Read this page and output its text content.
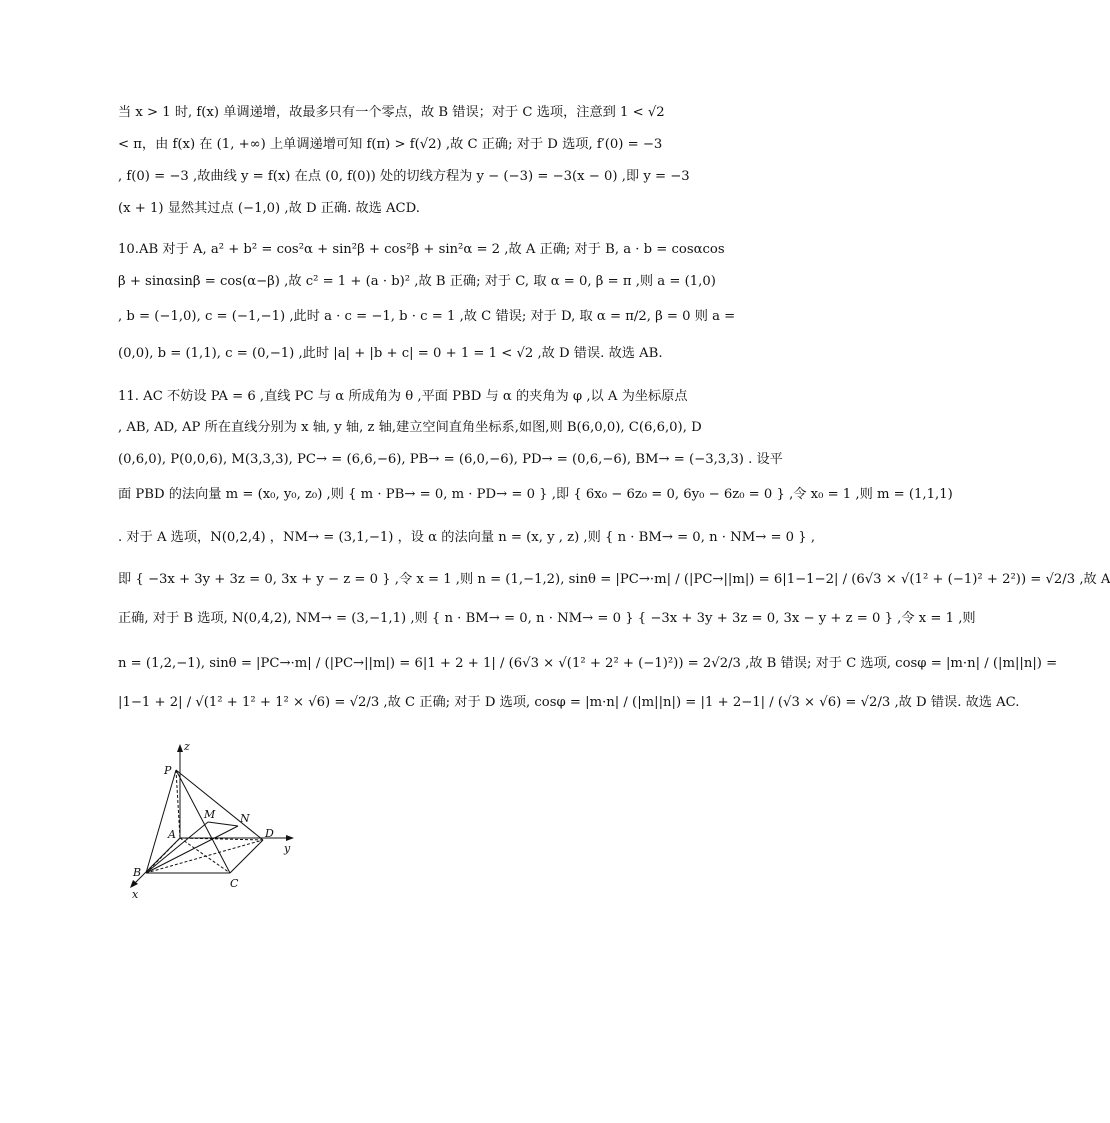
当 x > 1 时, f(x) 单调递增，故最多只有一个零点，故 B 错误；对于 C 选项，注意到 1 < √2
< π，由 f(x) 在 (1, +∞) 上单调递增可知 f(π) > f(√2) ,故 C 正确; 对于 D 选项, f′(0) = −3
, f(0) = −3 ,故曲线 y = f(x) 在点 (0, f(0)) 处的切线方程为 y − (−3) = −3(x − 0) ,即 y = −3
(x + 1) 显然其过点 (−1,0) ,故 D 正确. 故选 ACD.
10.AB 对于 A, a² + b² = cos²α + sin²β + cos²β + sin²α = 2 ,故 A 正确; 对于 B, a · b = cosαcos
β + sinαsinβ = cos(α−β) ,故 c² = 1 + (a · b)² ,故 B 正确; 对于 C, 取 α = 0, β = π ,则 a = (1,0)
, b = (−1,0), c = (−1,−1) ,此时 a · c = −1, b · c = 1 ,故 C 错误; 对于 D, 取 α = π/2, β = 0 则 a =
(0,0), b = (1,1), c = (0,−1) ,此时 |a| + |b + c| = 0 + 1 = 1 < √2 ,故 D 错误. 故选 AB.
11. AC 不妨设 PA = 6 ,直线 PC 与 α 所成角为 θ ,平面 PBD 与 α 的夹角为 φ ,以 A 为坐标原点
, AB, AD, AP 所在直线分别为 x 轴, y 轴, z 轴,建立空间直角坐标系,如图,则 B(6,0,0), C(6,6,0), D
(0,6,0), P(0,0,6), M(3,3,3), PC→ = (6,6,−6), PB→ = (6,0,−6), PD→ = (0,6,−6), BM→ = (−3,3,3) . 设平
面 PBD 的法向量 m = (x₀, y₀, z₀) ,则 { m · PB→ = 0, m · PD→ = 0 } ,即 { 6x₀ − 6z₀ = 0, 6y₀ − 6z₀ = 0 } ,令 x₀ = 1 ,则 m = (1,1,1)
. 对于 A 选项，N(0,2,4) ，NM→ = (3,1,−1) ，设 α 的法向量 n = (x, y , z) ,则 { n · BM→ = 0, n · NM→ = 0 } ,
即 { −3x + 3y + 3z = 0, 3x + y − z = 0 } ,令 x = 1 ,则 n = (1,−1,2), sinθ = |PC→·m| / (|PC→||m|) = 6|1−1−2| / (6√3 × √(1² + (−1)² + 2²)) = √2/3 ,故 A
正确, 对于 B 选项, N(0,4,2), NM→ = (3,−1,1) ,则 { n · BM→ = 0, n · NM→ = 0 } { −3x + 3y + 3z = 0, 3x − y + z = 0 } ,令 x = 1 ,则
n = (1,2,−1), sinθ = |PC→·m| / (|PC→||m|) = 6|1 + 2 + 1| / (6√3 × √(1² + 2² + (−1)²)) = 2√2/3 ,故 B 错误; 对于 C 选项, cosφ = |m·n| / (|m||n|) =
|1−1 + 2| / √(1² + 1² + 1² × √6) = √2/3 ,故 C 正确; 对于 D 选项, cosφ = |m·n| / (|m||n|) = |1 + 2−1| / (√3 × √6) = √2/3 ,故 D 错误. 故选 AC.
z
P
M N
A	D
y
B
C
x
